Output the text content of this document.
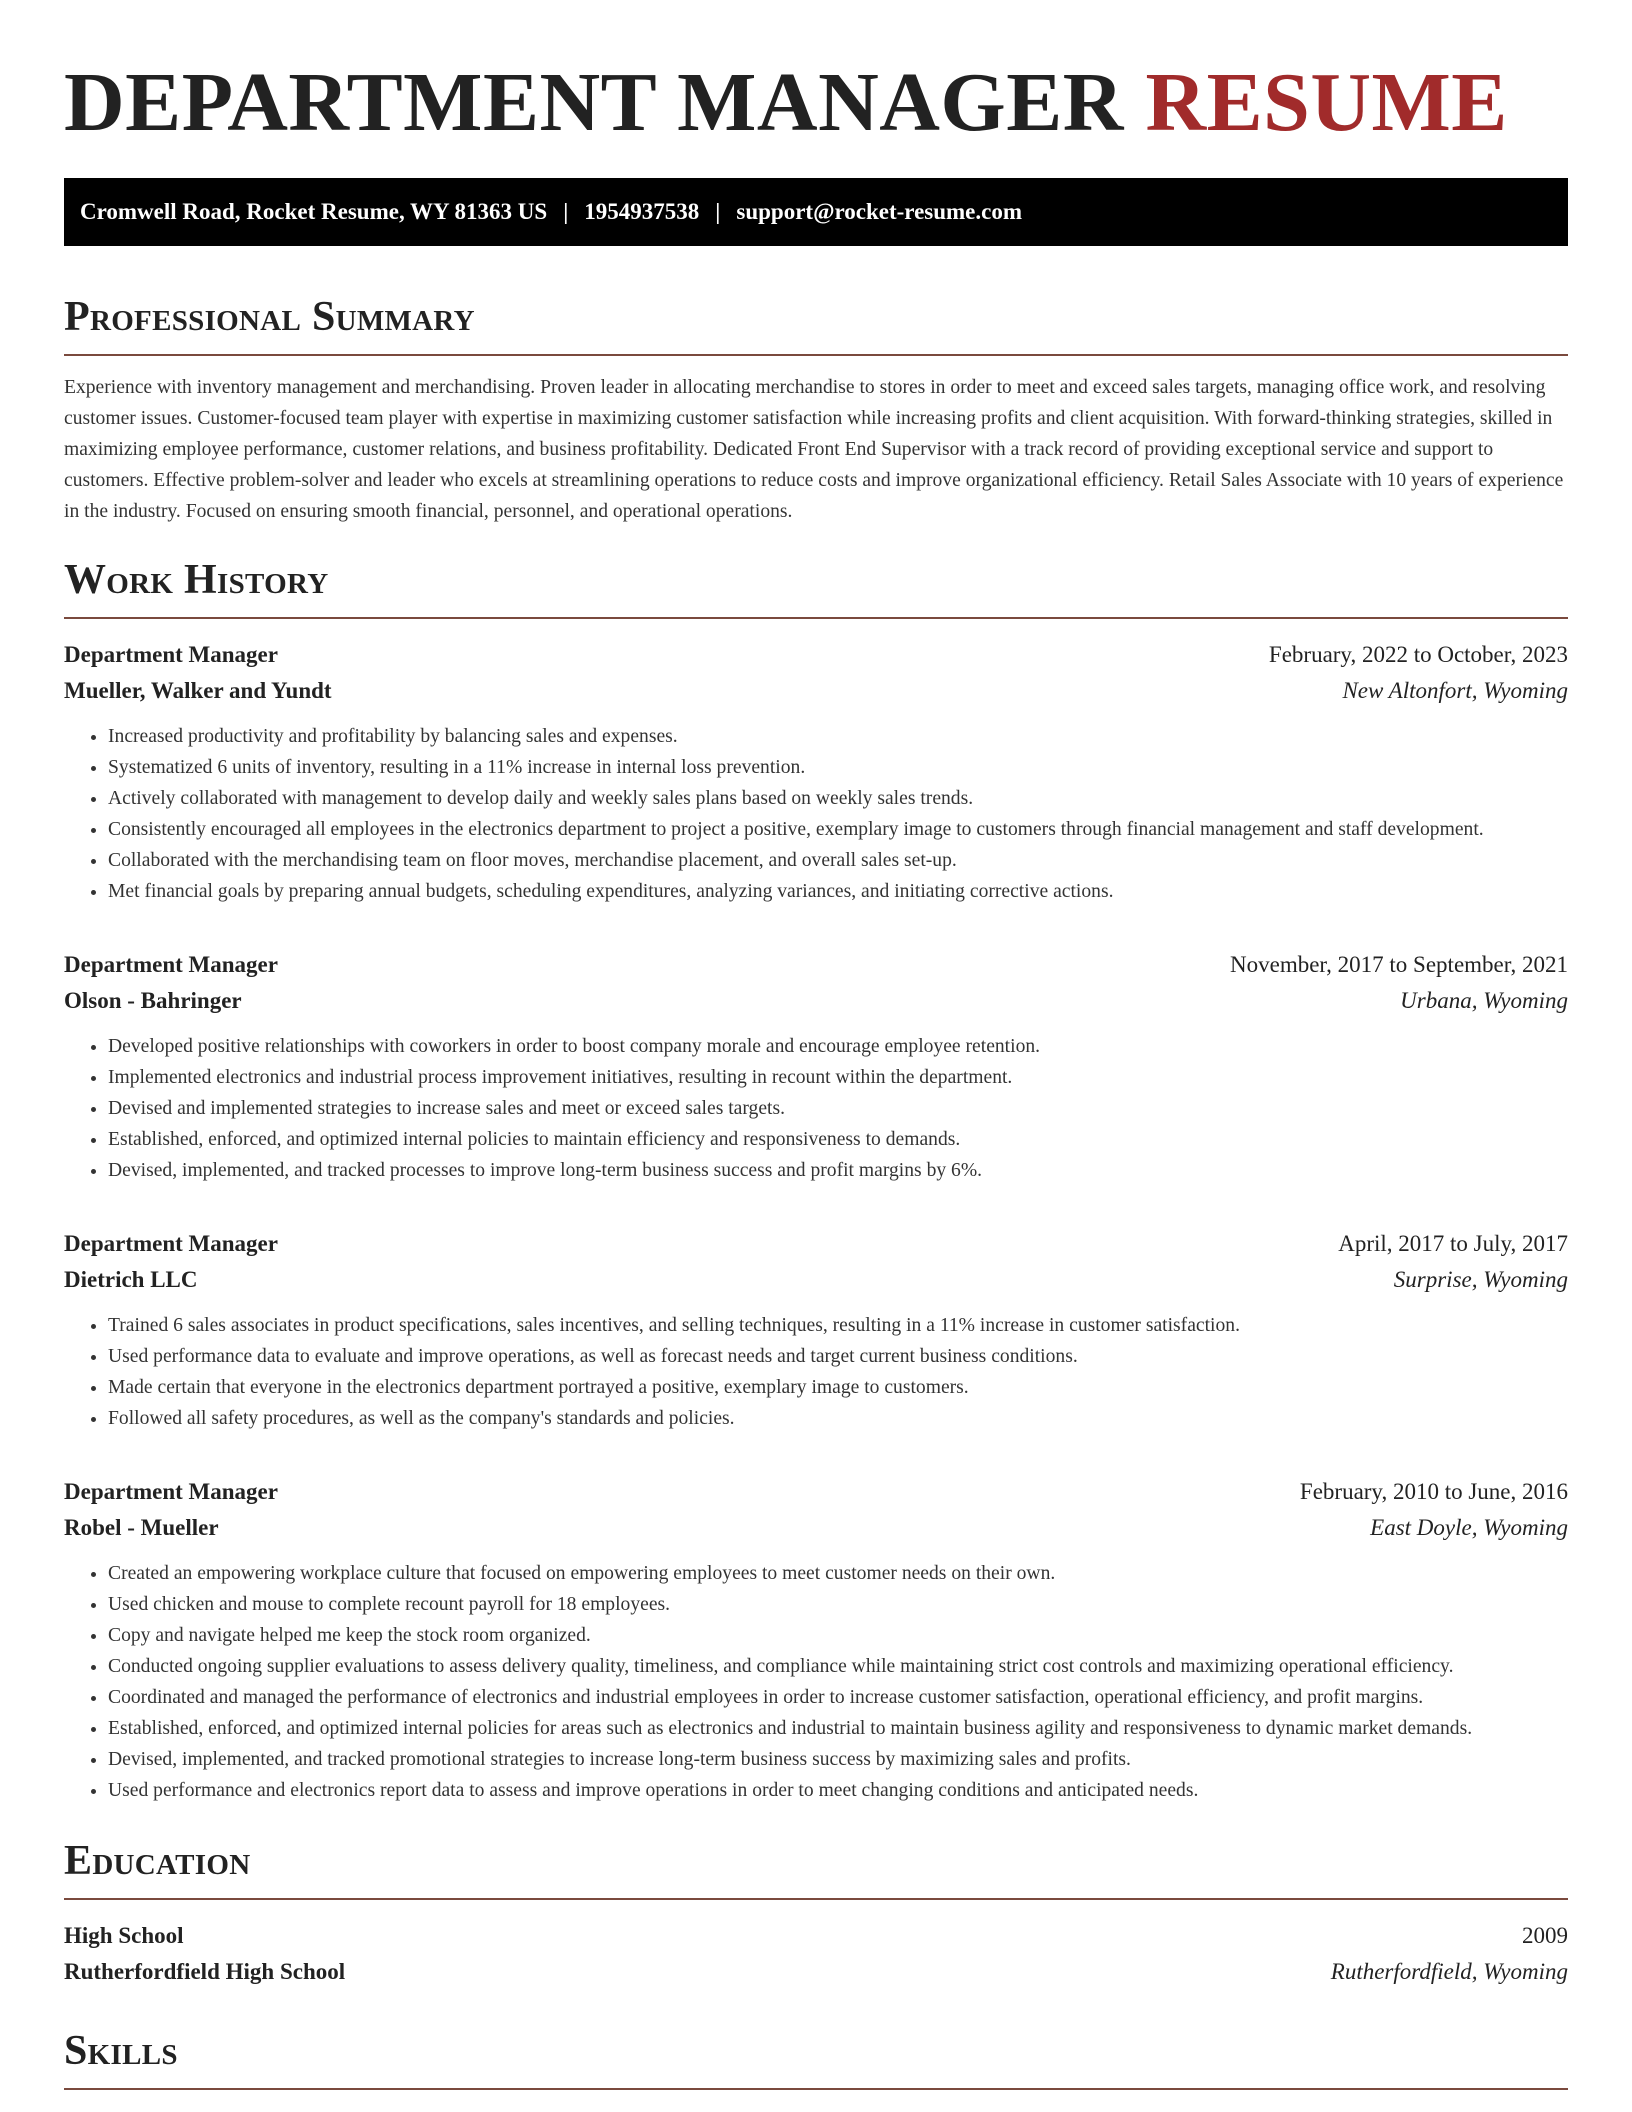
DEPARTMENT MANAGER RESUME
Cromwell Road, Rocket Resume, WY 81363 US | 1954937538 | support@rocket-resume.com
Professional Summary

Experience with inventory management and merchandising. Proven leader in allocating merchandise to stores in order to meet and exceed sales targets, managing office work, and resolving customer issues. Customer-focused team player with expertise in maximizing customer satisfaction while increasing profits and client acquisition. With forward-thinking strategies, skilled in maximizing employee performance, customer relations, and business profitability. Dedicated Front End Supervisor with a track record of providing exceptional service and support to customers. Effective problem-solver and leader who excels at streamlining operations to reduce costs and improve organizational efficiency. Retail Sales Associate with 10 years of experience in the industry. Focused on ensuring smooth financial, personnel, and operational operations.

Work History
Department Manager	February, 2022 to October, 2023
Mueller, Walker and Yundt	New Altonfort, Wyoming
• Increased productivity and profitability by balancing sales and expenses.
• Systematized 6 units of inventory, resulting in a 11% increase in internal loss prevention.
• Actively collaborated with management to develop daily and weekly sales plans based on weekly sales trends.
• Consistently encouraged all employees in the electronics department to project a positive, exemplary image to customers through financial management and staff development.
• Collaborated with the merchandising team on floor moves, merchandise placement, and overall sales set-up.
• Met financial goals by preparing annual budgets, scheduling expenditures, analyzing variances, and initiating corrective actions.
Department Manager	November, 2017 to September, 2021
Olson - Bahringer	Urbana, Wyoming
• Developed positive relationships with coworkers in order to boost company morale and encourage employee retention.
• Implemented electronics and industrial process improvement initiatives, resulting in recount within the department.
• Devised and implemented strategies to increase sales and meet or exceed sales targets.
• Established, enforced, and optimized internal policies to maintain efficiency and responsiveness to demands.
• Devised, implemented, and tracked processes to improve long-term business success and profit margins by 6%.
Department Manager	April, 2017 to July, 2017
Dietrich LLC	Surprise, Wyoming
• Trained 6 sales associates in product specifications, sales incentives, and selling techniques, resulting in a 11% increase in customer satisfaction.
• Used performance data to evaluate and improve operations, as well as forecast needs and target current business conditions.
• Made certain that everyone in the electronics department portrayed a positive, exemplary image to customers.
• Followed all safety procedures, as well as the company's standards and policies.
Department Manager	February, 2010 to June, 2016
Robel - Mueller	East Doyle, Wyoming
• Created an empowering workplace culture that focused on empowering employees to meet customer needs on their own.
• Used chicken and mouse to complete recount payroll for 18 employees.
• Copy and navigate helped me keep the stock room organized.
• Conducted ongoing supplier evaluations to assess delivery quality, timeliness, and compliance while maintaining strict cost controls and maximizing operational efficiency.
• Coordinated and managed the performance of electronics and industrial employees in order to increase customer satisfaction, operational efficiency, and profit margins.
• Established, enforced, and optimized internal policies for areas such as electronics and industrial to maintain business agility and responsiveness to dynamic market demands.
• Devised, implemented, and tracked promotional strategies to increase long-term business success by maximizing sales and profits.
• Used performance and electronics report data to assess and improve operations in order to meet changing conditions and anticipated needs.
Education
High School	2009
Rutherfordfield High School	Rutherfordfield, Wyoming
Skills
